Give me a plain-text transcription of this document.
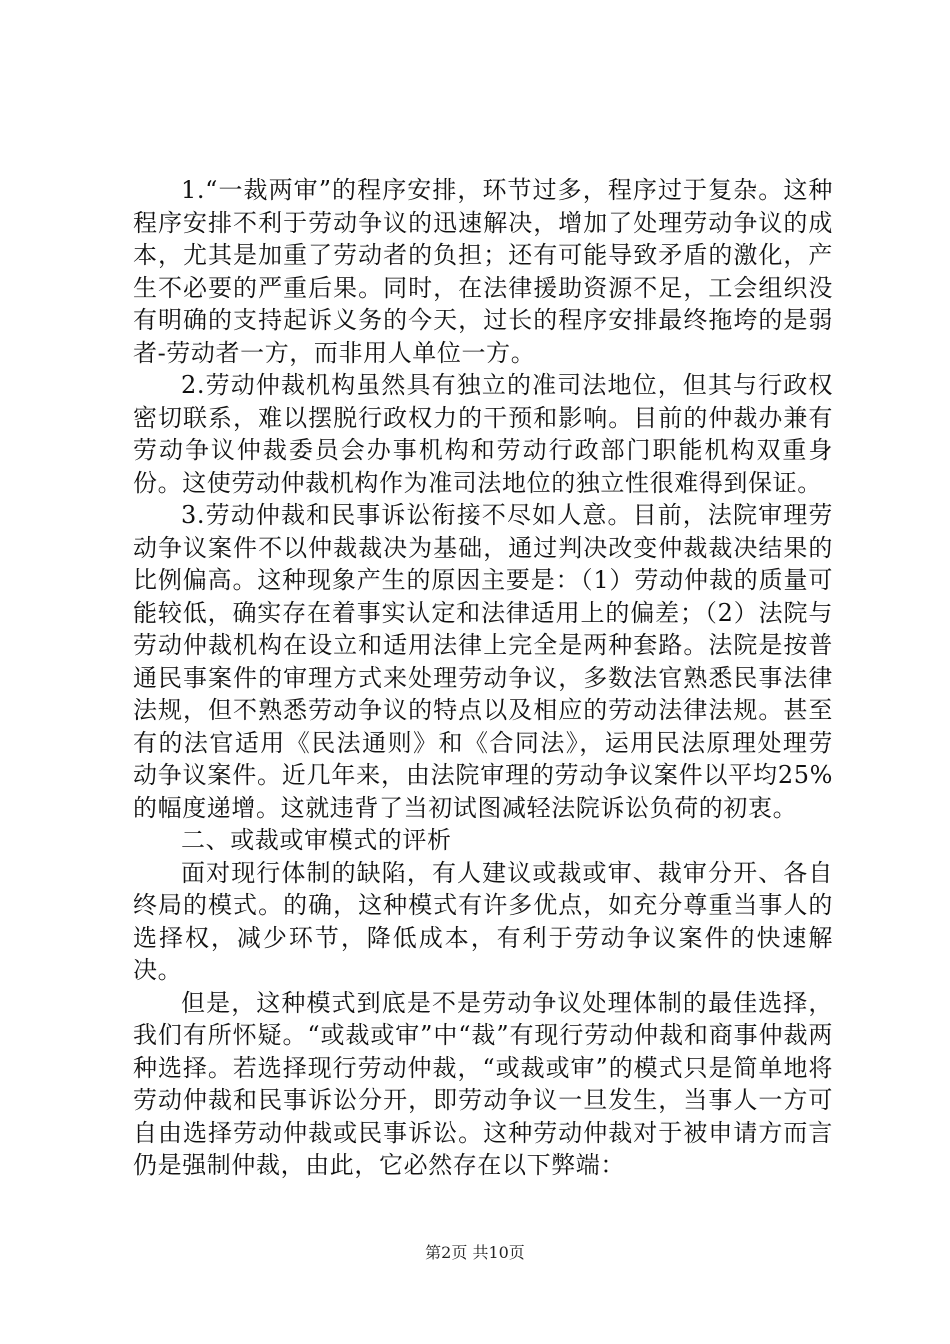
1.“一裁两审”的程序安排，环节过多，程序过于复杂。这种程序安排不利于劳动争议的迅速解决，增加了处理劳动争议的成本，尤其是加重了劳动者的负担；还有可能导致矛盾的激化，产生不必要的严重后果。同时，在法律援助资源不足，工会组织没有明确的支持起诉义务的今天，过长的程序安排最终拖垮的是弱者-劳动者一方，而非用人单位一方。

2.劳动仲裁机构虽然具有独立的准司法地位，但其与行政权密切联系，难以摆脱行政权力的干预和影响。目前的仲裁办兼有劳动争议仲裁委员会办事机构和劳动行政部门职能机构双重身份。这使劳动仲裁机构作为准司法地位的独立性很难得到保证。

3.劳动仲裁和民事诉讼衔接不尽如人意。目前，法院审理劳动争议案件不以仲裁裁决为基础，通过判决改变仲裁裁决结果的比例偏高。这种现象产生的原因主要是：（1）劳动仲裁的质量可能较低，确实存在着事实认定和法律适用上的偏差；（2）法院与劳动仲裁机构在设立和适用法律上完全是两种套路。法院是按普通民事案件的审理方式来处理劳动争议，多数法官熟悉民事法律法规，但不熟悉劳动争议的特点以及相应的劳动法律法规。甚至有的法官适用《民法通则》和《合同法》，运用民法原理处理劳动争议案件。近几年来，由法院审理的劳动争议案件以平均25%的幅度递增。这就违背了当初试图减轻法院诉讼负荷的初衷。

二、或裁或审模式的评析

面对现行体制的缺陷，有人建议或裁或审、裁审分开、各自终局的模式。的确，这种模式有许多优点，如充分尊重当事人的选择权，减少环节，降低成本，有利于劳动争议案件的快速解决。

但是，这种模式到底是不是劳动争议处理体制的最佳选择，我们有所怀疑。“或裁或审”中“裁”有现行劳动仲裁和商事仲裁两种选择。若选择现行劳动仲裁，“或裁或审”的模式只是简单地将劳动仲裁和民事诉讼分开，即劳动争议一旦发生，当事人一方可自由选择劳动仲裁或民事诉讼。这种劳动仲裁对于被申请方而言仍是强制仲裁，由此，它必然存在以下弊端：

第2页 共10页
